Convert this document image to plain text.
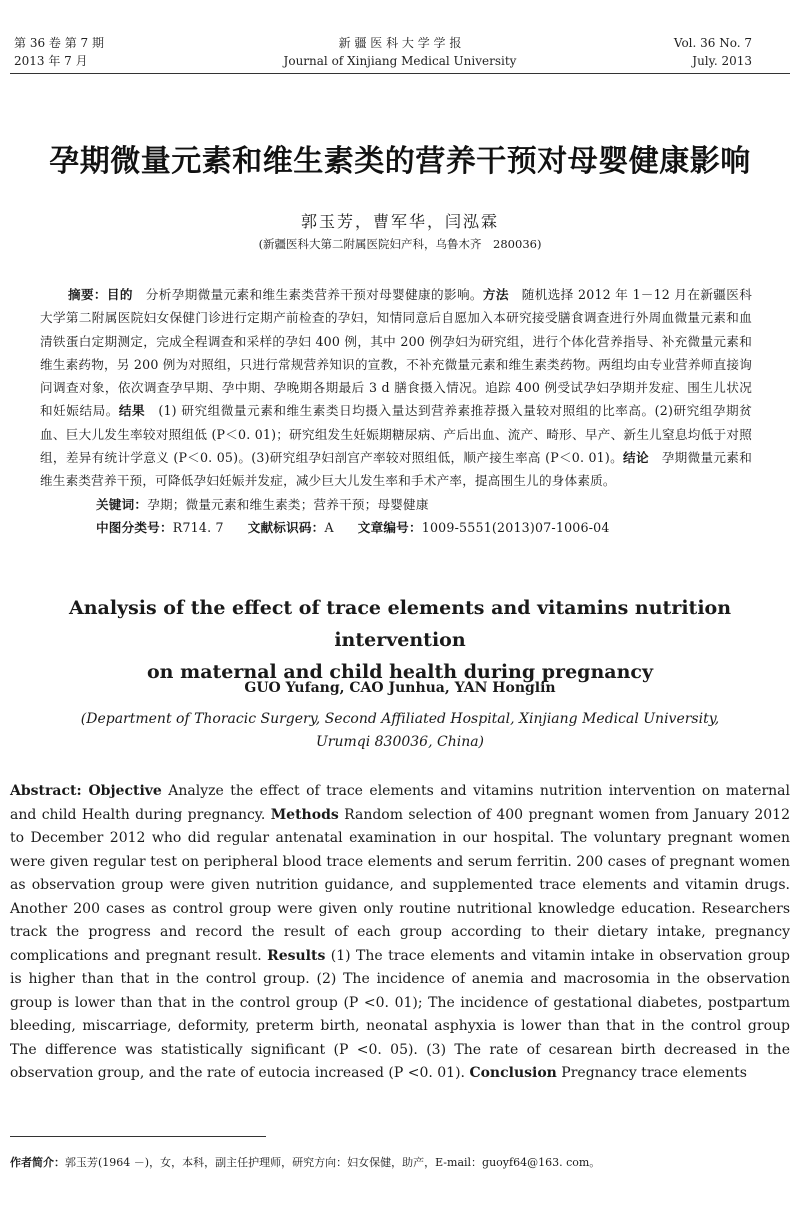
第 36 卷 第 7 期
2013 年 7 月
新 疆 医 科 大 学 学 报
Journal of Xinjiang Medical University
Vol. 36 No. 7
July. 2013
孕期微量元素和维生素类的营养干预对母婴健康影响
郭玉芳，曹军华，闫泓霖
(新疆医科大第二附属医院妇产科，乌鲁木齐　280036)

摘要：目的　分析孕期微量元素和维生素类营养干预对母婴健康的影响。方法　随机选择 2012 年 1－12 月在新疆医科大学第二附属医院妇女保健门诊进行定期产前检查的孕妇，知情同意后自愿加入本研究接受膳食调查进行外周血微量元素和血清铁蛋白定期测定，完成全程调查和采样的孕妇 400 例，其中 200 例孕妇为研究组，进行个体化营养指导、补充微量元素和维生素药物，另 200 例为对照组，只进行常规营养知识的宣教，不补充微量元素和维生素类药物。两组均由专业营养师直接询问调查对象，依次调查孕早期、孕中期、孕晚期各期最后 3 d 膳食摄入情况。追踪 400 例受试孕妇孕期并发症、围生儿状况和妊娠结局。结果　(1) 研究组微量元素和维生素类日均摄入量达到营养素推荐摄入量较对照组的比率高。(2)研究组孕期贫血、巨大儿发生率较对照组低 (P＜0. 01)；研究组发生妊娠期糖尿病、产后出血、流产、畸形、早产、新生儿窒息均低于对照组，差异有统计学意义 (P＜0. 05)。(3)研究组孕妇剖宫产率较对照组低，顺产接生率高 (P＜0. 01)。结论　孕期微量元素和维生素类营养干预，可降低孕妇妊娠并发症，减少巨大儿发生率和手术产率，提高围生儿的身体素质。

关键词：孕期；微量元素和维生素类；营养干预；母婴健康

中图分类号：R714. 7 文献标识码：A 文章编号：1009-5551(2013)07-1006-04

Analysis of the effect of trace elements and vitamins nutrition intervention
on maternal and child health during pregnancy
GUO Yufang, CAO Junhua, YAN Honglin
(Department of Thoracic Surgery, Second Affiliated Hospital, Xinjiang Medical University,
Urumqi 830036, China)

Abstract: Objective Analyze the effect of trace elements and vitamins nutrition intervention on maternal and child Health during pregnancy. Methods Random selection of 400 pregnant women from January 2012 to December 2012 who did regular antenatal examination in our hospital. The voluntary pregnant women were given regular test on peripheral blood trace elements and serum ferritin. 200 cases of pregnant women as observation group were given nutrition guidance, and supplemented trace elements and vitamin drugs. Another 200 cases as control group were given only routine nutritional knowledge education. Researchers track the progress and record the result of each group according to their dietary intake, pregnancy complications and pregnant result. Results (1) The trace elements and vitamin intake in observation group is higher than that in the control group. (2) The incidence of anemia and macrosomia in the observation group is lower than that in the control group (P <0. 01); The incidence of gestational diabetes, postpartum bleeding, miscarriage, deformity, preterm birth, neonatal asphyxia is lower than that in the control group The difference was statistically significant (P <0. 05). (3) The rate of cesarean birth decreased in the observation group, and the rate of eutocia increased (P <0. 01). Conclusion Pregnancy trace elements

作者简介：郭玉芳(1964 －)，女，本科，副主任护理师，研究方向：妇女保健，助产，E-mail：guoyf64@163. com。
